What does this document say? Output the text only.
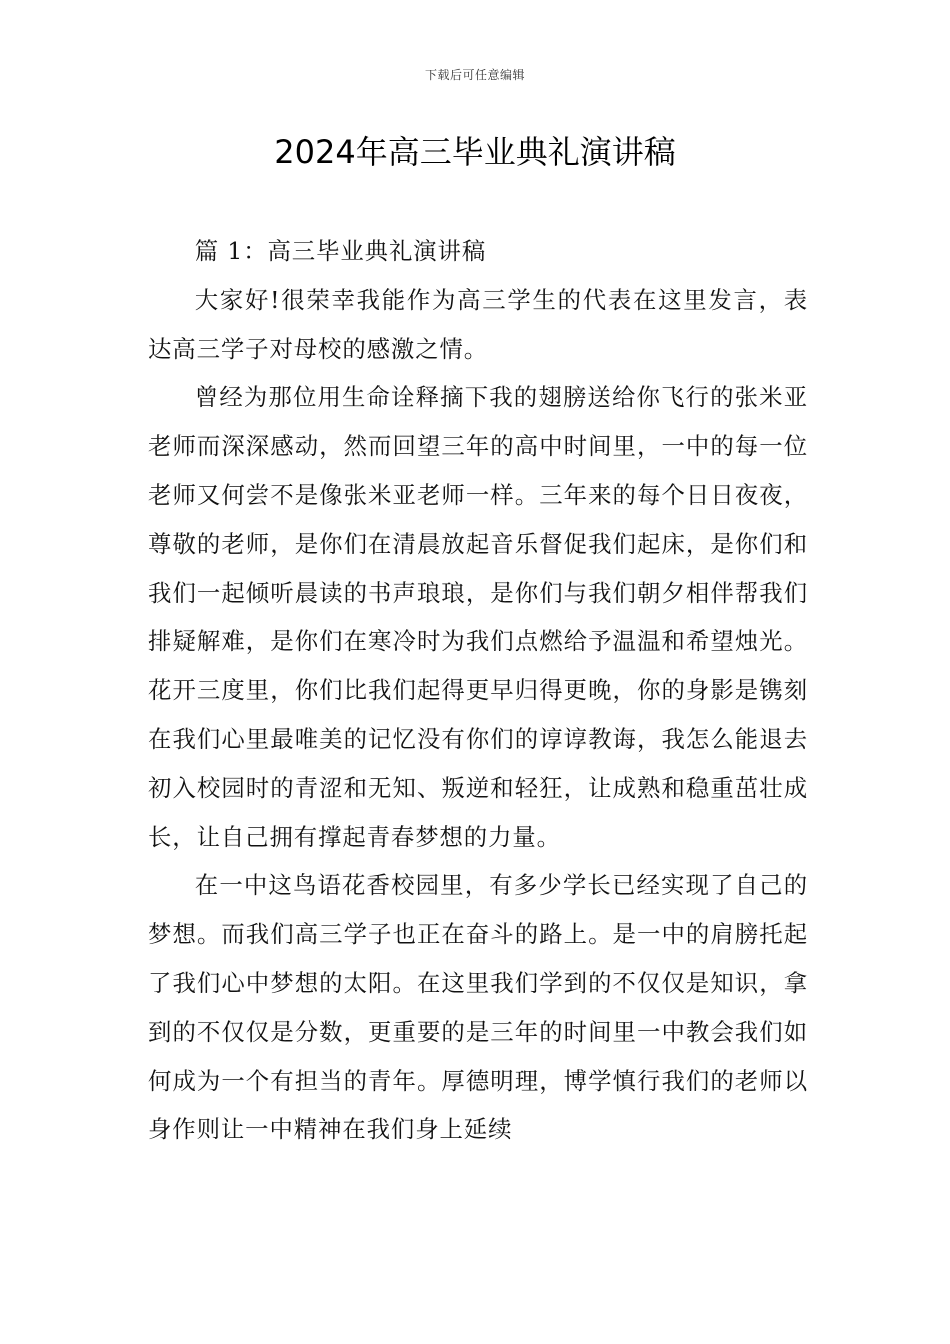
下载后可任意编辑
2024年高三毕业典礼演讲稿

篇 1：高三毕业典礼演讲稿

大家好!很荣幸我能作为高三学生的代表在这里发言，表达高三学子对母校的感激之情。

曾经为那位用生命诠释摘下我的翅膀送给你飞行的张米亚老师而深深感动，然而回望三年的高中时间里，一中的每一位老师又何尝不是像张米亚老师一样。三年来的每个日日夜夜，尊敬的老师，是你们在清晨放起音乐督促我们起床，是你们和我们一起倾听晨读的书声琅琅，是你们与我们朝夕相伴帮我们排疑解难，是你们在寒冷时为我们点燃给予温温和希望烛光。花开三度里，你们比我们起得更早归得更晚，你的身影是镌刻在我们心里最唯美的记忆没有你们的谆谆教诲，我怎么能退去初入校园时的青涩和无知、叛逆和轻狂，让成熟和稳重茁壮成长，让自己拥有撑起青春梦想的力量。

在一中这鸟语花香校园里，有多少学长已经实现了自己的梦想。而我们高三学子也正在奋斗的路上。是一中的肩膀托起了我们心中梦想的太阳。在这里我们学到的不仅仅是知识，拿到的不仅仅是分数，更重要的是三年的时间里一中教会我们如何成为一个有担当的青年。厚德明理，博学慎行我们的老师以身作则让一中精神在我们身上延续
